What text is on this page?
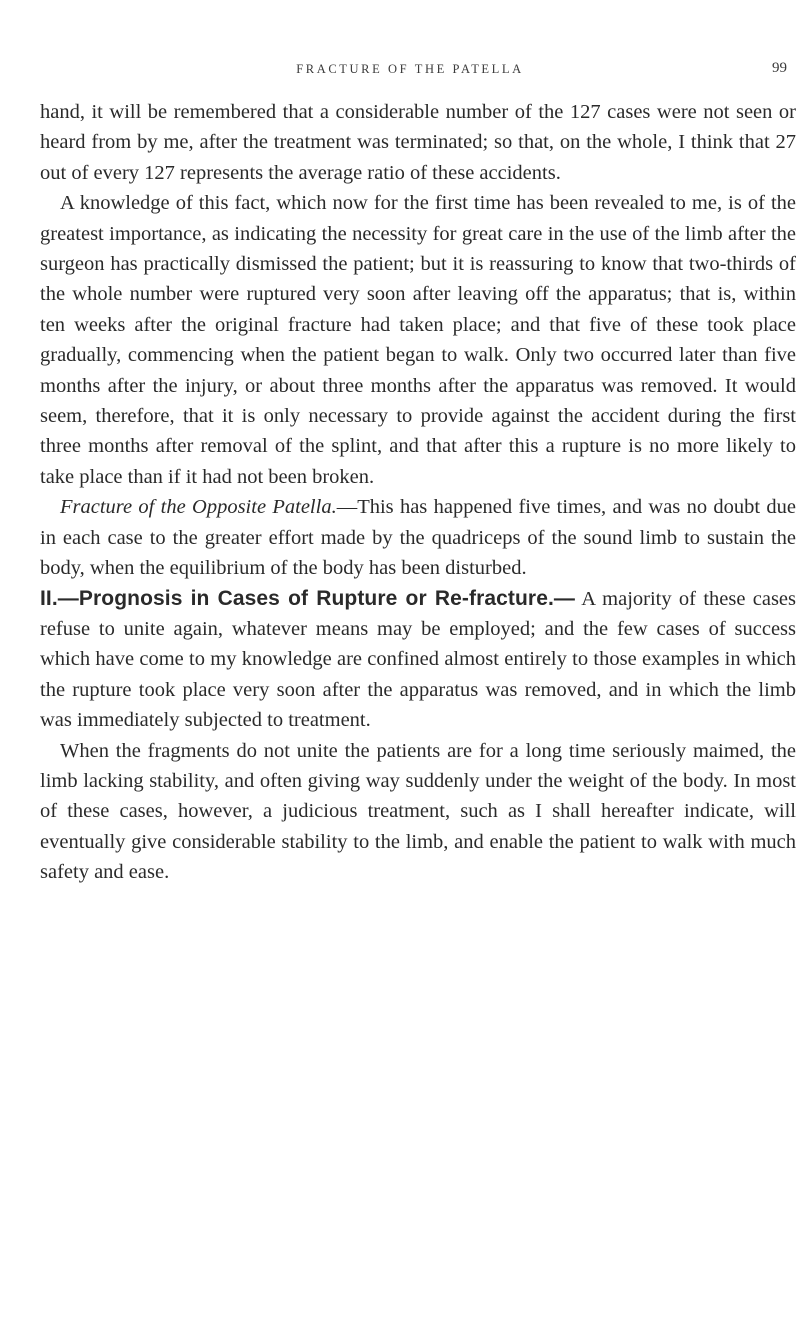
FRACTURE OF THE PATELLA	99

hand, it will be remembered that a considerable number of the 127 cases were not seen or heard from by me, after the treatment was terminated; so that, on the whole, I think that 27 out of every 127 represents the average ratio of these accidents.

A knowledge of this fact, which now for the first time has been revealed to me, is of the greatest importance, as indicating the necessity for great care in the use of the limb after the surgeon has practically dismissed the patient; but it is reassuring to know that two-thirds of the whole number were ruptured very soon after leaving off the apparatus; that is, within ten weeks after the original fracture had taken place; and that five of these took place gradually, commencing when the patient began to walk. Only two occurred later than five months after the injury, or about three months after the apparatus was removed. It would seem, therefore, that it is only necessary to provide against the accident during the first three months after removal of the splint, and that after this a rupture is no more likely to take place than if it had not been broken.

Fracture of the Opposite Patella.—This has happened five times, and was no doubt due in each case to the greater effort made by the quadriceps of the sound limb to sustain the body, when the equilibrium of the body has been disturbed.

II.—Prognosis in Cases of Rupture or Re-fracture.— A majority of these cases refuse to unite again, whatever means may be employed; and the few cases of success which have come to my knowledge are confined almost entirely to those examples in which the rupture took place very soon after the apparatus was removed, and in which the limb was immediately subjected to treatment.

When the fragments do not unite the patients are for a long time seriously maimed, the limb lacking stability, and often giving way suddenly under the weight of the body. In most of these cases, however, a judicious treatment, such as I shall hereafter indicate, will eventually give considerable stability to the limb, and enable the patient to walk with much safety and ease.
